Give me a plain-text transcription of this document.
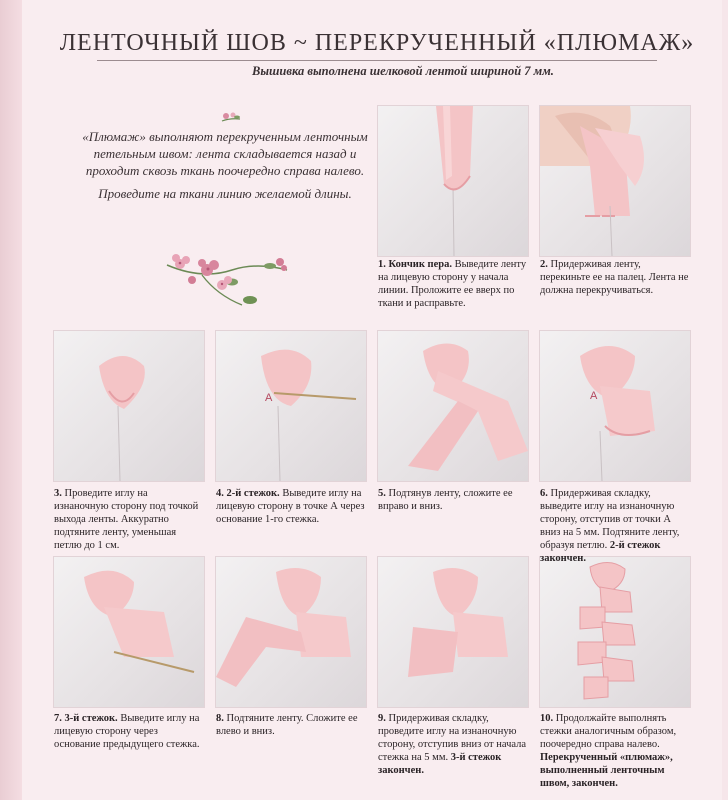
ЛЕНТОЧНЫЙ ШОВ ~ ПЕРЕКРУЧЕННЫЙ «ПЛЮМАЖ»
Вышивка выполнена шелковой лентой шириной 7 мм.

«Плюмаж» выполняют перекрученным ленточным петельным швом: лента складывается назад и проходит сквозь ткань поочередно справа налево.

Проведите на ткани линию желаемой длины.

A	A
1. Кончик пера. Выведите ленту на лицевую сторону у начала линии. Проложите ее вверх по ткани и расправьте.
2. Придерживая ленту, перекиньте ее на палец. Лента не должна перекручиваться.
3. Проведите иглу на изнаночную сторону под точкой выхода ленты. Аккуратно подтяните ленту, уменьшая петлю до 1 см.
4. 2-й стежок. Выведите иглу на лицевую сторону в точке А через основание 1-го стежка.
5. Подтянув ленту, сложите ее вправо и вниз.
6. Придерживая складку, выведите иглу на изнаночную сторону, отступив от точки А вниз на 5 мм. Подтяните ленту, образуя петлю. 2-й стежок закончен.
7. 3-й стежок. Выведите иглу на лицевую сторону через основание предыдущего стежка.
8. Подтяните ленту. Сложите ее влево и вниз.
9. Придерживая складку, проведите иглу на изнаночную сторону, отступив вниз от начала стежка на 5 мм. 3-й стежок закончен.
10. Продолжайте выполнять стежки аналогичным образом, поочередно справа налево. Перекрученный «плюмаж», выполненный ленточным швом, закончен.
